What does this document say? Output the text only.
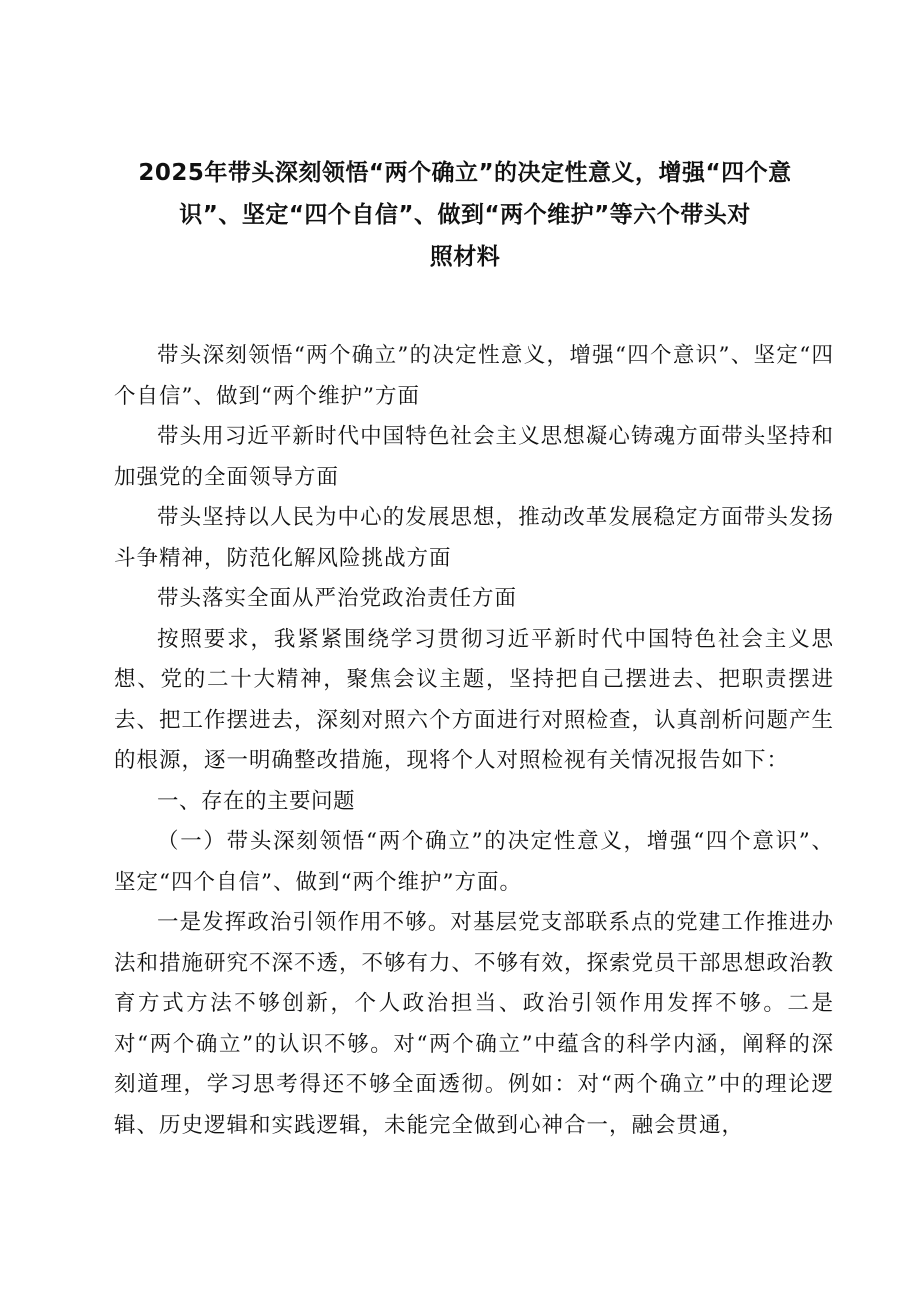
2025年带头深刻领悟“两个确立”的决定性意义，增强“四个意
识”、坚定“四个自信”、做到“两个维护”等六个带头对
照材料

带头深刻领悟“两个确立”的决定性意义，增强“四个意识”、坚定“四个自信”、做到“两个维护”方面

带头用习近平新时代中国特色社会主义思想凝心铸魂方面带头坚持和加强党的全面领导方面

带头坚持以人民为中心的发展思想，推动改革发展稳定方面带头发扬斗争精神，防范化解风险挑战方面

带头落实全面从严治党政治责任方面

按照要求，我紧紧围绕学习贯彻习近平新时代中国特色社会主义思想、党的二十大精神，聚焦会议主题，坚持把自己摆进去、把职责摆进去、把工作摆进去，深刻对照六个方面进行对照检查，认真剖析问题产生的根源，逐一明确整改措施，现将个人对照检视有关情况报告如下：

一、存在的主要问题

（一）带头深刻领悟“两个确立”的决定性意义，增强“四个意识”、坚定“四个自信”、做到“两个维护”方面。

一是发挥政治引领作用不够。对基层党支部联系点的党建工作推进办法和措施研究不深不透，不够有力、不够有效，探索党员干部思想政治教育方式方法不够创新，个人政治担当、政治引领作用发挥不够。二是对“两个确立”的认识不够。对“两个确立”中蕴含的科学内涵，阐释的深刻道理，学习思考得还不够全面透彻。例如：对“两个确立”中的理论逻辑、历史逻辑和实践逻辑，未能完全做到心神合一，融会贯通，
